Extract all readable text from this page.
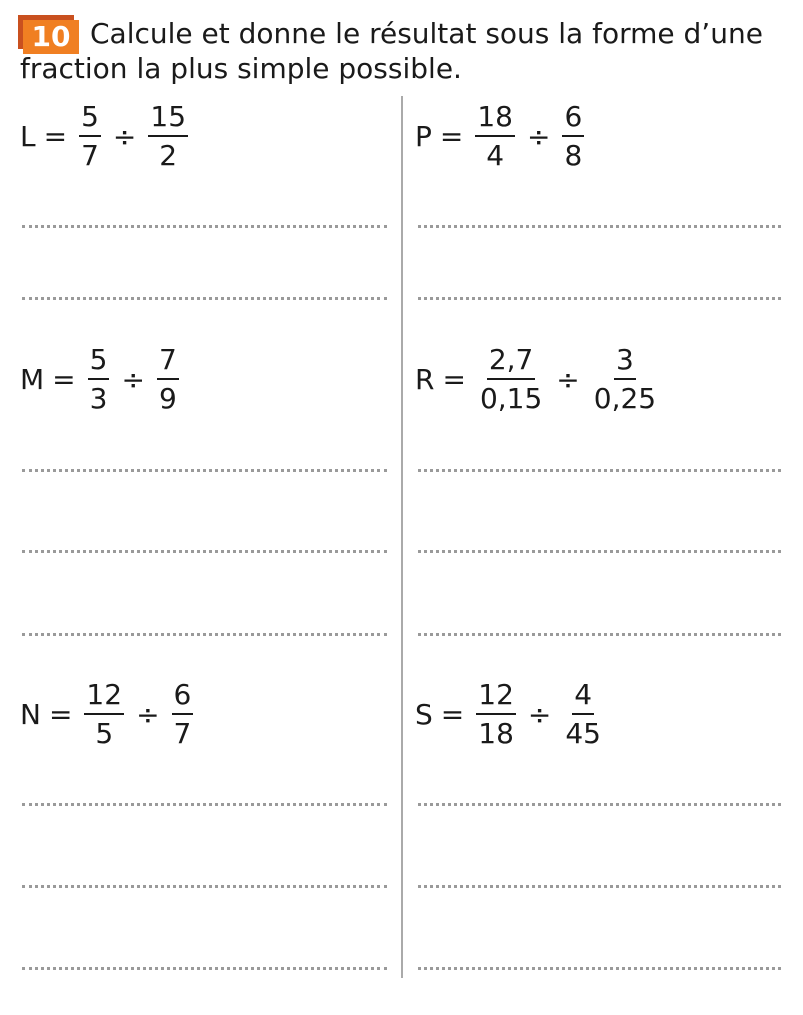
10 Calcule et donne le résultat sous la forme d’une fraction la plus simple possible.
$L = \frac{5}{7} \div \frac{15}{2}$	$P = \frac{18}{4} \div \frac{6}{8}$
$M = \frac{5}{3} \div \frac{7}{9}$	$R = \frac{2,7}{0,15} \div \frac{3}{0,25}$
$N = \frac{12}{5} \div \frac{6}{7}$	$S = \frac{12}{18} \div \frac{4}{45}$
